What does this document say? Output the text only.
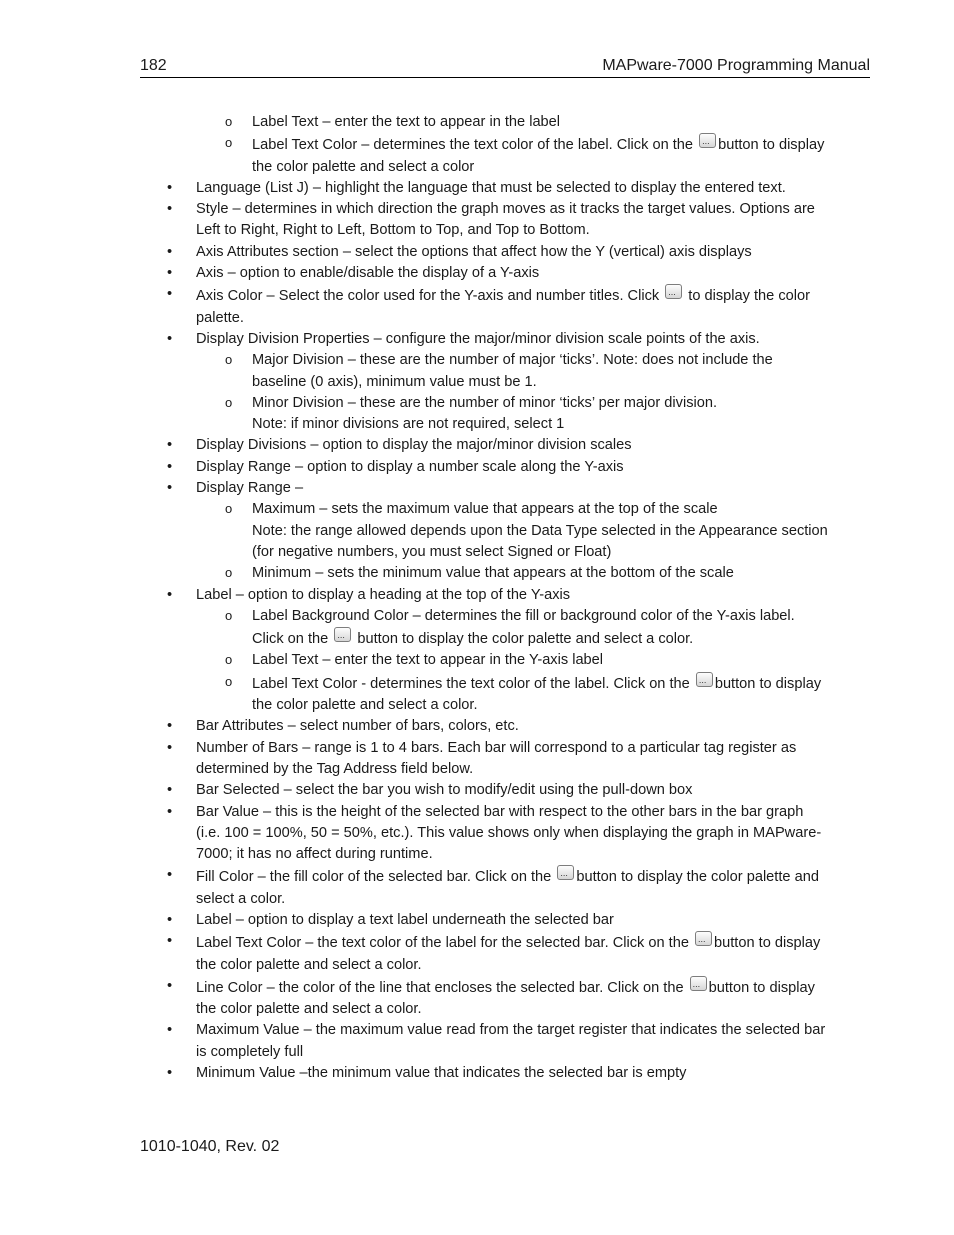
182	MAPware-7000 Programming Manual
o Label Text – enter the text to appear in the label
o Label Text Color – determines the text color of the label. Click on the ...button to display the color palette and select a color
• Language (List J) – highlight the language that must be selected to display the entered text.
• Style – determines in which direction the graph moves as it tracks the target values. Options are Left to Right, Right to Left, Bottom to Top, and Top to Bottom.
• Axis Attributes section – select the options that affect how the Y (vertical) axis displays
• Axis – option to enable/disable the display of a Y-axis
• Axis Color – Select the color used for the Y-axis and number titles. Click ... to display the color palette.
• Display Division Properties – configure the major/minor division scale points of the axis.
o Major Division – these are the number of major ‘ticks’. Note: does not include the baseline (0 axis), minimum value must be 1.
o Minor Division – these are the number of minor ‘ticks’ per major division.
Note: if minor divisions are not required, select 1
• Display Divisions – option to display the major/minor division scales
• Display Range – option to display a number scale along the Y-axis
• Display Range –
o Maximum – sets the maximum value that appears at the top of the scale
Note: the range allowed depends upon the Data Type selected in the Appearance section (for negative numbers, you must select Signed or Float)
o Minimum – sets the minimum value that appears at the bottom of the scale
• Label – option to display a heading at the top of the Y-axis
o Label Background Color – determines the fill or background color of the Y-axis label. Click on the ... button to display the color palette and select a color.
o Label Text – enter the text to appear in the Y-axis label
o Label Text Color - determines the text color of the label. Click on the ...button to display the color palette and select a color.
• Bar Attributes – select number of bars, colors, etc.
• Number of Bars – range is 1 to 4 bars. Each bar will correspond to a particular tag register as determined by the Tag Address field below.
• Bar Selected – select the bar you wish to modify/edit using the pull-down box
• Bar Value – this is the height of the selected bar with respect to the other bars in the bar graph (i.e. 100 = 100%, 50 = 50%, etc.). This value shows only when displaying the graph in MAPware-7000; it has no affect during runtime.
• Fill Color – the fill color of the selected bar. Click on the ...button to display the color palette and select a color.
• Label – option to display a text label underneath the selected bar
• Label Text Color – the text color of the label for the selected bar. Click on the ...button to display the color palette and select a color.
• Line Color – the color of the line that encloses the selected bar. Click on the ...button to display the color palette and select a color.
• Maximum Value – the maximum value read from the target register that indicates the selected bar is completely full
• Minimum Value –the minimum value that indicates the selected bar is empty
1010-1040, Rev. 02
